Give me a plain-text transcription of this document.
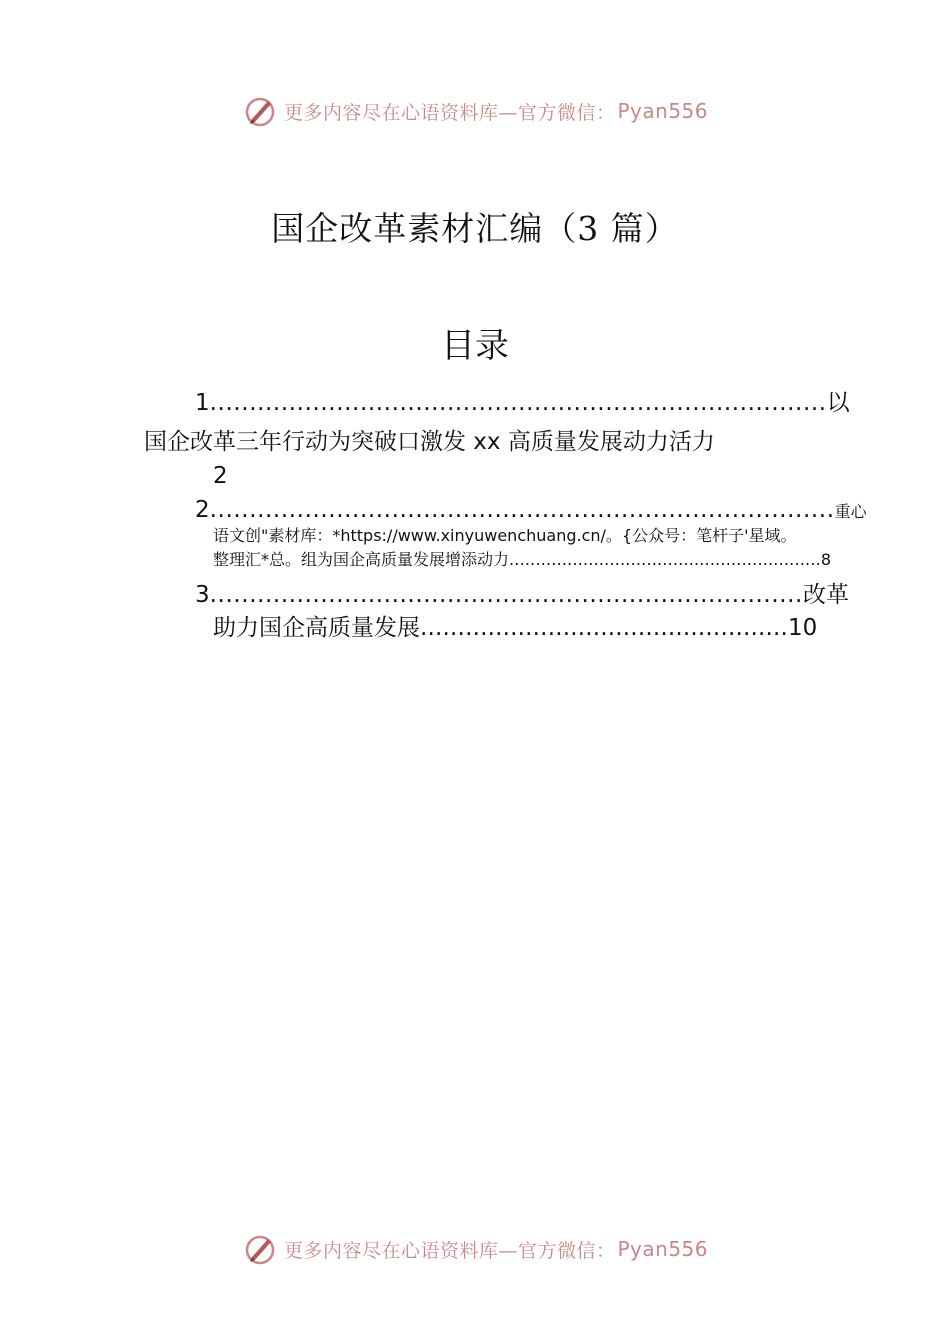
更多内容尽在心语资料库—官方微信： Pyan556
国企改革素材汇编（3 篇）
目录
1..............................................................................以
国企改革三年行动为突破口激发 xx 高质量发展动力活力
2
2...............................................................................重心
语文创"素材库：*https://www.xinyuwenchuang.cn/。{公众号：笔杆子'星域。
整理汇*总。组为国企高质量发展增添动力...........................................................8
3...........................................................................改革
助力国企高质量发展.................................................10
更多内容尽在心语资料库—官方微信： Pyan556
